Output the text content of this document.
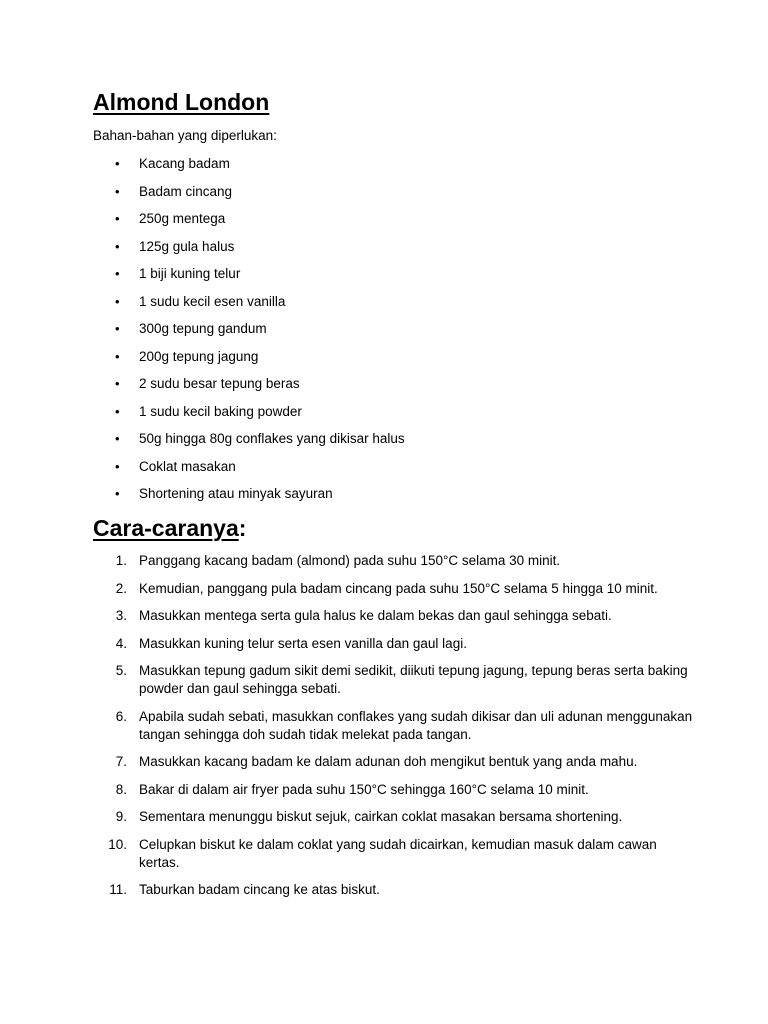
Almond London

Bahan-bahan yang diperlukan:

• Kacang badam
• Badam cincang
• 250g mentega
• 125g gula halus
• 1 biji kuning telur
• 1 sudu kecil esen vanilla
• 300g tepung gandum
• 200g tepung jagung
• 2 sudu besar tepung beras
• 1 sudu kecil baking powder
• 50g hingga 80g conflakes yang dikisar halus
• Coklat masakan
• Shortening atau minyak sayuran
Cara-caranya:
1. Panggang kacang badam (almond) pada suhu 150°C selama 30 minit.
2. Kemudian, panggang pula badam cincang pada suhu 150°C selama 5 hingga 10 minit.
3. Masukkan mentega serta gula halus ke dalam bekas dan gaul sehingga sebati.
4. Masukkan kuning telur serta esen vanilla dan gaul lagi.
5. Masukkan tepung gadum sikit demi sedikit, diikuti tepung jagung, tepung beras serta baking powder dan gaul sehingga sebati.
6. Apabila sudah sebati, masukkan conflakes yang sudah dikisar dan uli adunan menggunakan tangan sehingga doh sudah tidak melekat pada tangan.
7. Masukkan kacang badam ke dalam adunan doh mengikut bentuk yang anda mahu.
8. Bakar di dalam air fryer pada suhu 150°C sehingga 160°C selama 10 minit.
9. Sementara menunggu biskut sejuk, cairkan coklat masakan bersama shortening.
10. Celupkan biskut ke dalam coklat yang sudah dicairkan, kemudian masuk dalam cawan kertas.
11. Taburkan badam cincang ke atas biskut.
